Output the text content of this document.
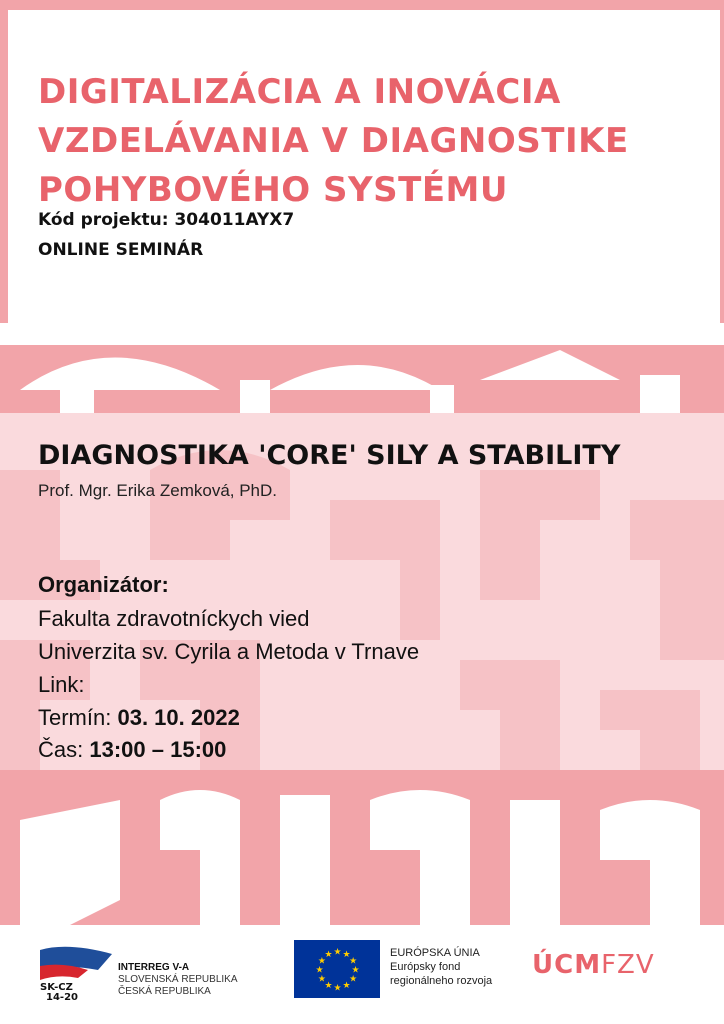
DIGITALIZÁCIA A INOVÁCIA
VZDELÁVANIA V DIAGNOSTIKE
POHYBOVÉHO SYSTÉMU

Kód projektu: 304011AYX7

ONLINE SEMINÁR

DIAGNOSTIKA 'CORE' SILY A STABILITY

Prof. Mgr. Erika Zemková, PhD.

Organizátor:

Fakulta zdravotníckych vied

Univerzita sv. Cyrila a Metoda v Trnave

Link:

Termín: 03. 10. 2022

Čas: 13:00 – 15:00

SK-CZ
14-20
INTERREG V-A
SLOVENSKÁ REPUBLIKA
ČESKÁ REPUBLIKA
★ ★
★
★
★
★
★
★
★
★
★
★	EURÓPSKA ÚNIA
Európsky fond
regionálneho rozvoja
ÚCMFZV
